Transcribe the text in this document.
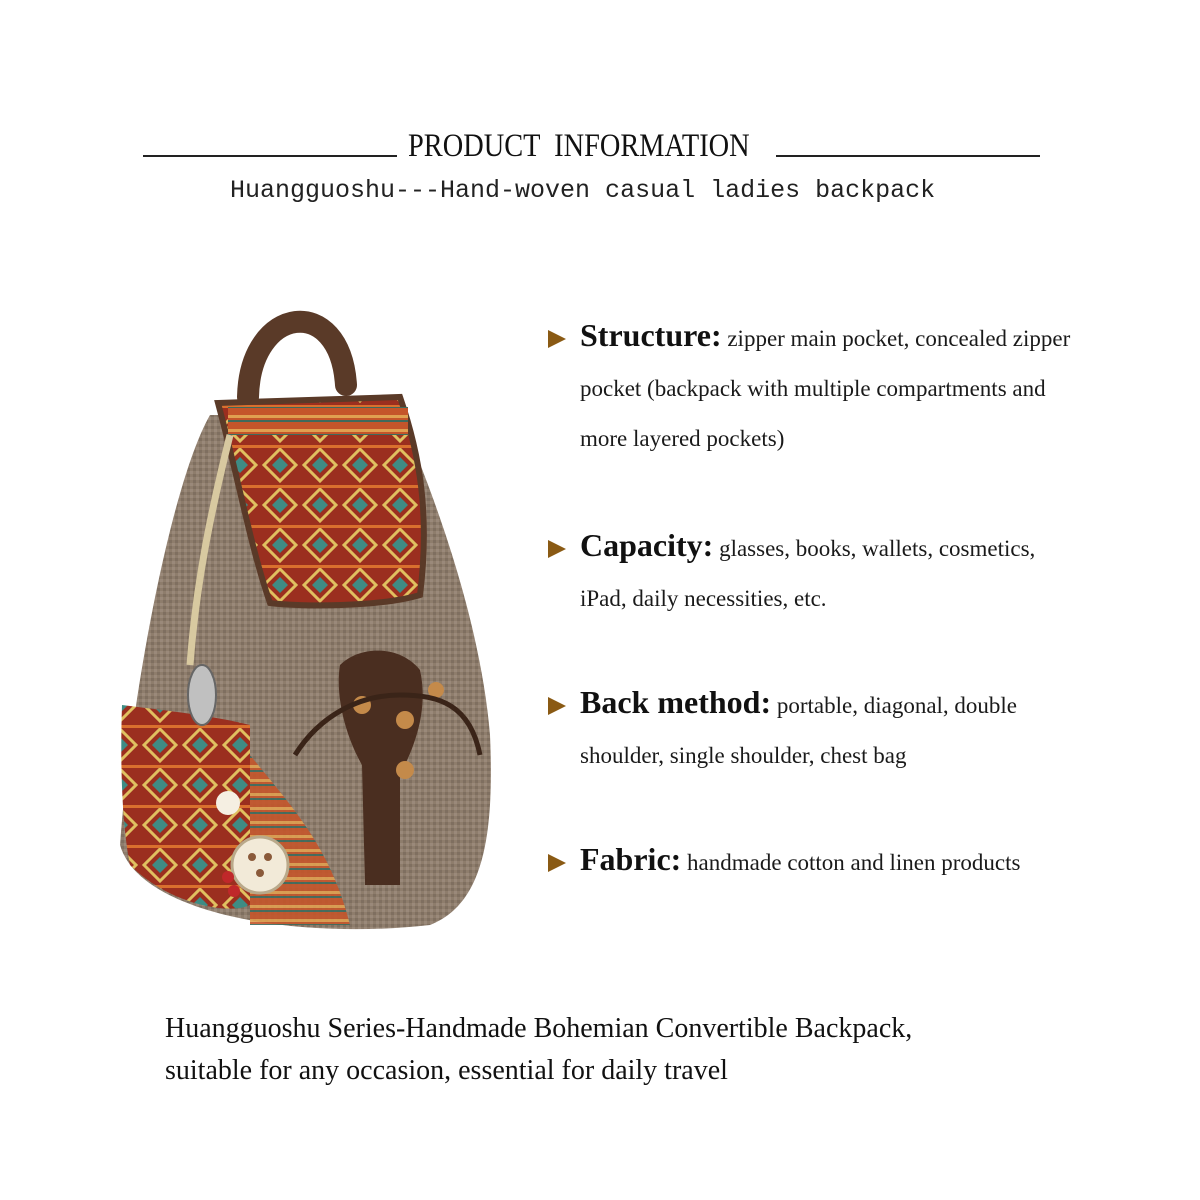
PRODUCT  INFORMATION
Huangguoshu---Hand-woven casual ladies backpack
Structure: zipper main pocket, concealed zipper pocket (backpack with multiple compartments and more layered pockets)
Capacity: glasses, books, wallets, cosmetics, iPad, daily necessities, etc.
Back method: portable, diagonal, double shoulder, single shoulder, chest bag
Fabric: handmade cotton and linen products
Huangguoshu Series-Handmade Bohemian Convertible Backpack,
suitable for any occasion, essential for daily travel
